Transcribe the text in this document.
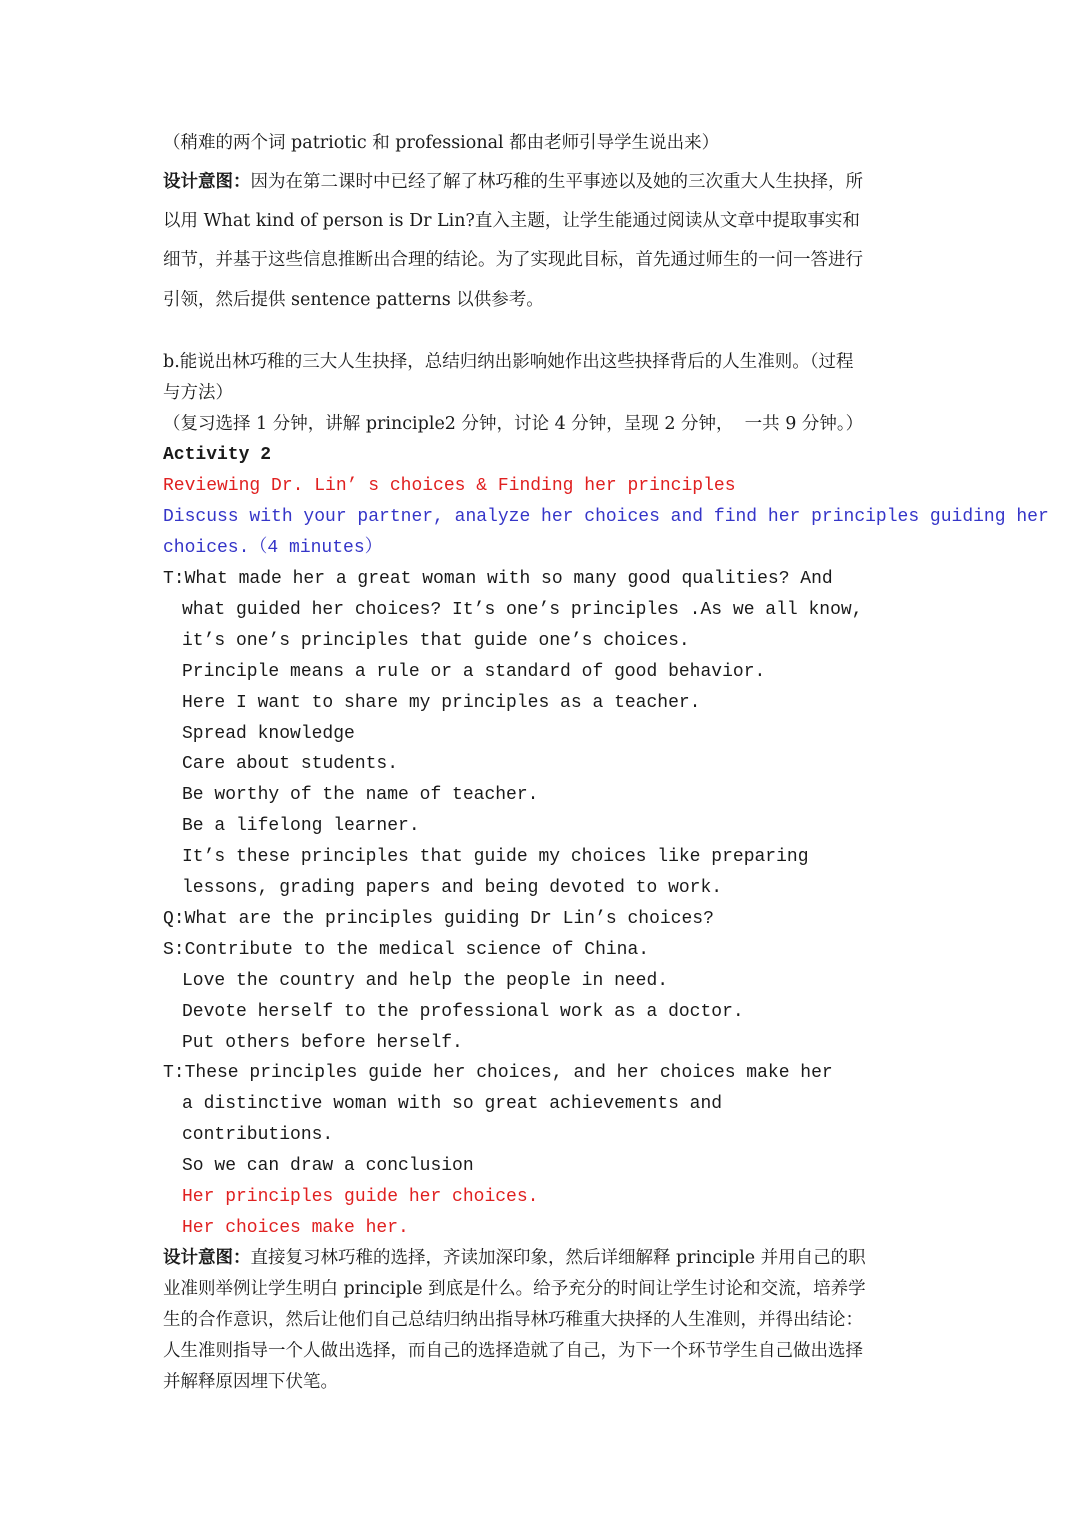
（稍难的两个词 patriotic 和 professional 都由老师引导学生说出来）
设计意图：因为在第二课时中已经了解了林巧稚的生平事迹以及她的三次重大人生抉择，所
以用 What kind of person is Dr Lin?直入主题，让学生能通过阅读从文章中提取事实和
细节，并基于这些信息推断出合理的结论。为了实现此目标，首先通过师生的一问一答进行
引领，然后提供 sentence patterns 以供参考。
b.能说出林巧稚的三大人生抉择，总结归纳出影响她作出这些抉择背后的人生准则。（过程
与方法）
（复习选择 1 分钟，讲解 principle2 分钟，讨论 4 分钟，呈现 2 分钟，  一共 9 分钟。）
Activity 2
Reviewing Dr. Lin’ s choices & Finding her principles
Discuss with your partner, analyze her choices and find her principles guiding her
choices.（4 minutes）
T:What made her a great woman with so many good qualities? And
what guided her choices? It’s one’s principles .As we all know,
it’s one’s principles that guide one’s choices.
Principle means a rule or a standard of good behavior.
Here I want to share my principles as a teacher.
Spread knowledge
Care about students.
Be worthy of the name of teacher.
Be a lifelong learner.
It’s these principles that guide my choices like preparing
lessons, grading papers and being devoted to work.
Q:What are the principles guiding Dr Lin’s choices?
S:Contribute to the medical science of China.
Love the country and help the people in need.
Devote herself to the professional work as a doctor.
Put others before herself.
T:These principles guide her choices, and her choices make her
a distinctive woman with so great achievements and
contributions.
So we can draw a conclusion
Her principles guide her choices.
Her choices make her.
设计意图：直接复习林巧稚的选择，齐读加深印象，然后详细解释 principle 并用自己的职
业准则举例让学生明白 principle 到底是什么。给予充分的时间让学生讨论和交流，培养学
生的合作意识，然后让他们自己总结归纳出指导林巧稚重大抉择的人生准则，并得出结论：
人生准则指导一个人做出选择，而自己的选择造就了自己，为下一个环节学生自己做出选择
并解释原因埋下伏笔。
